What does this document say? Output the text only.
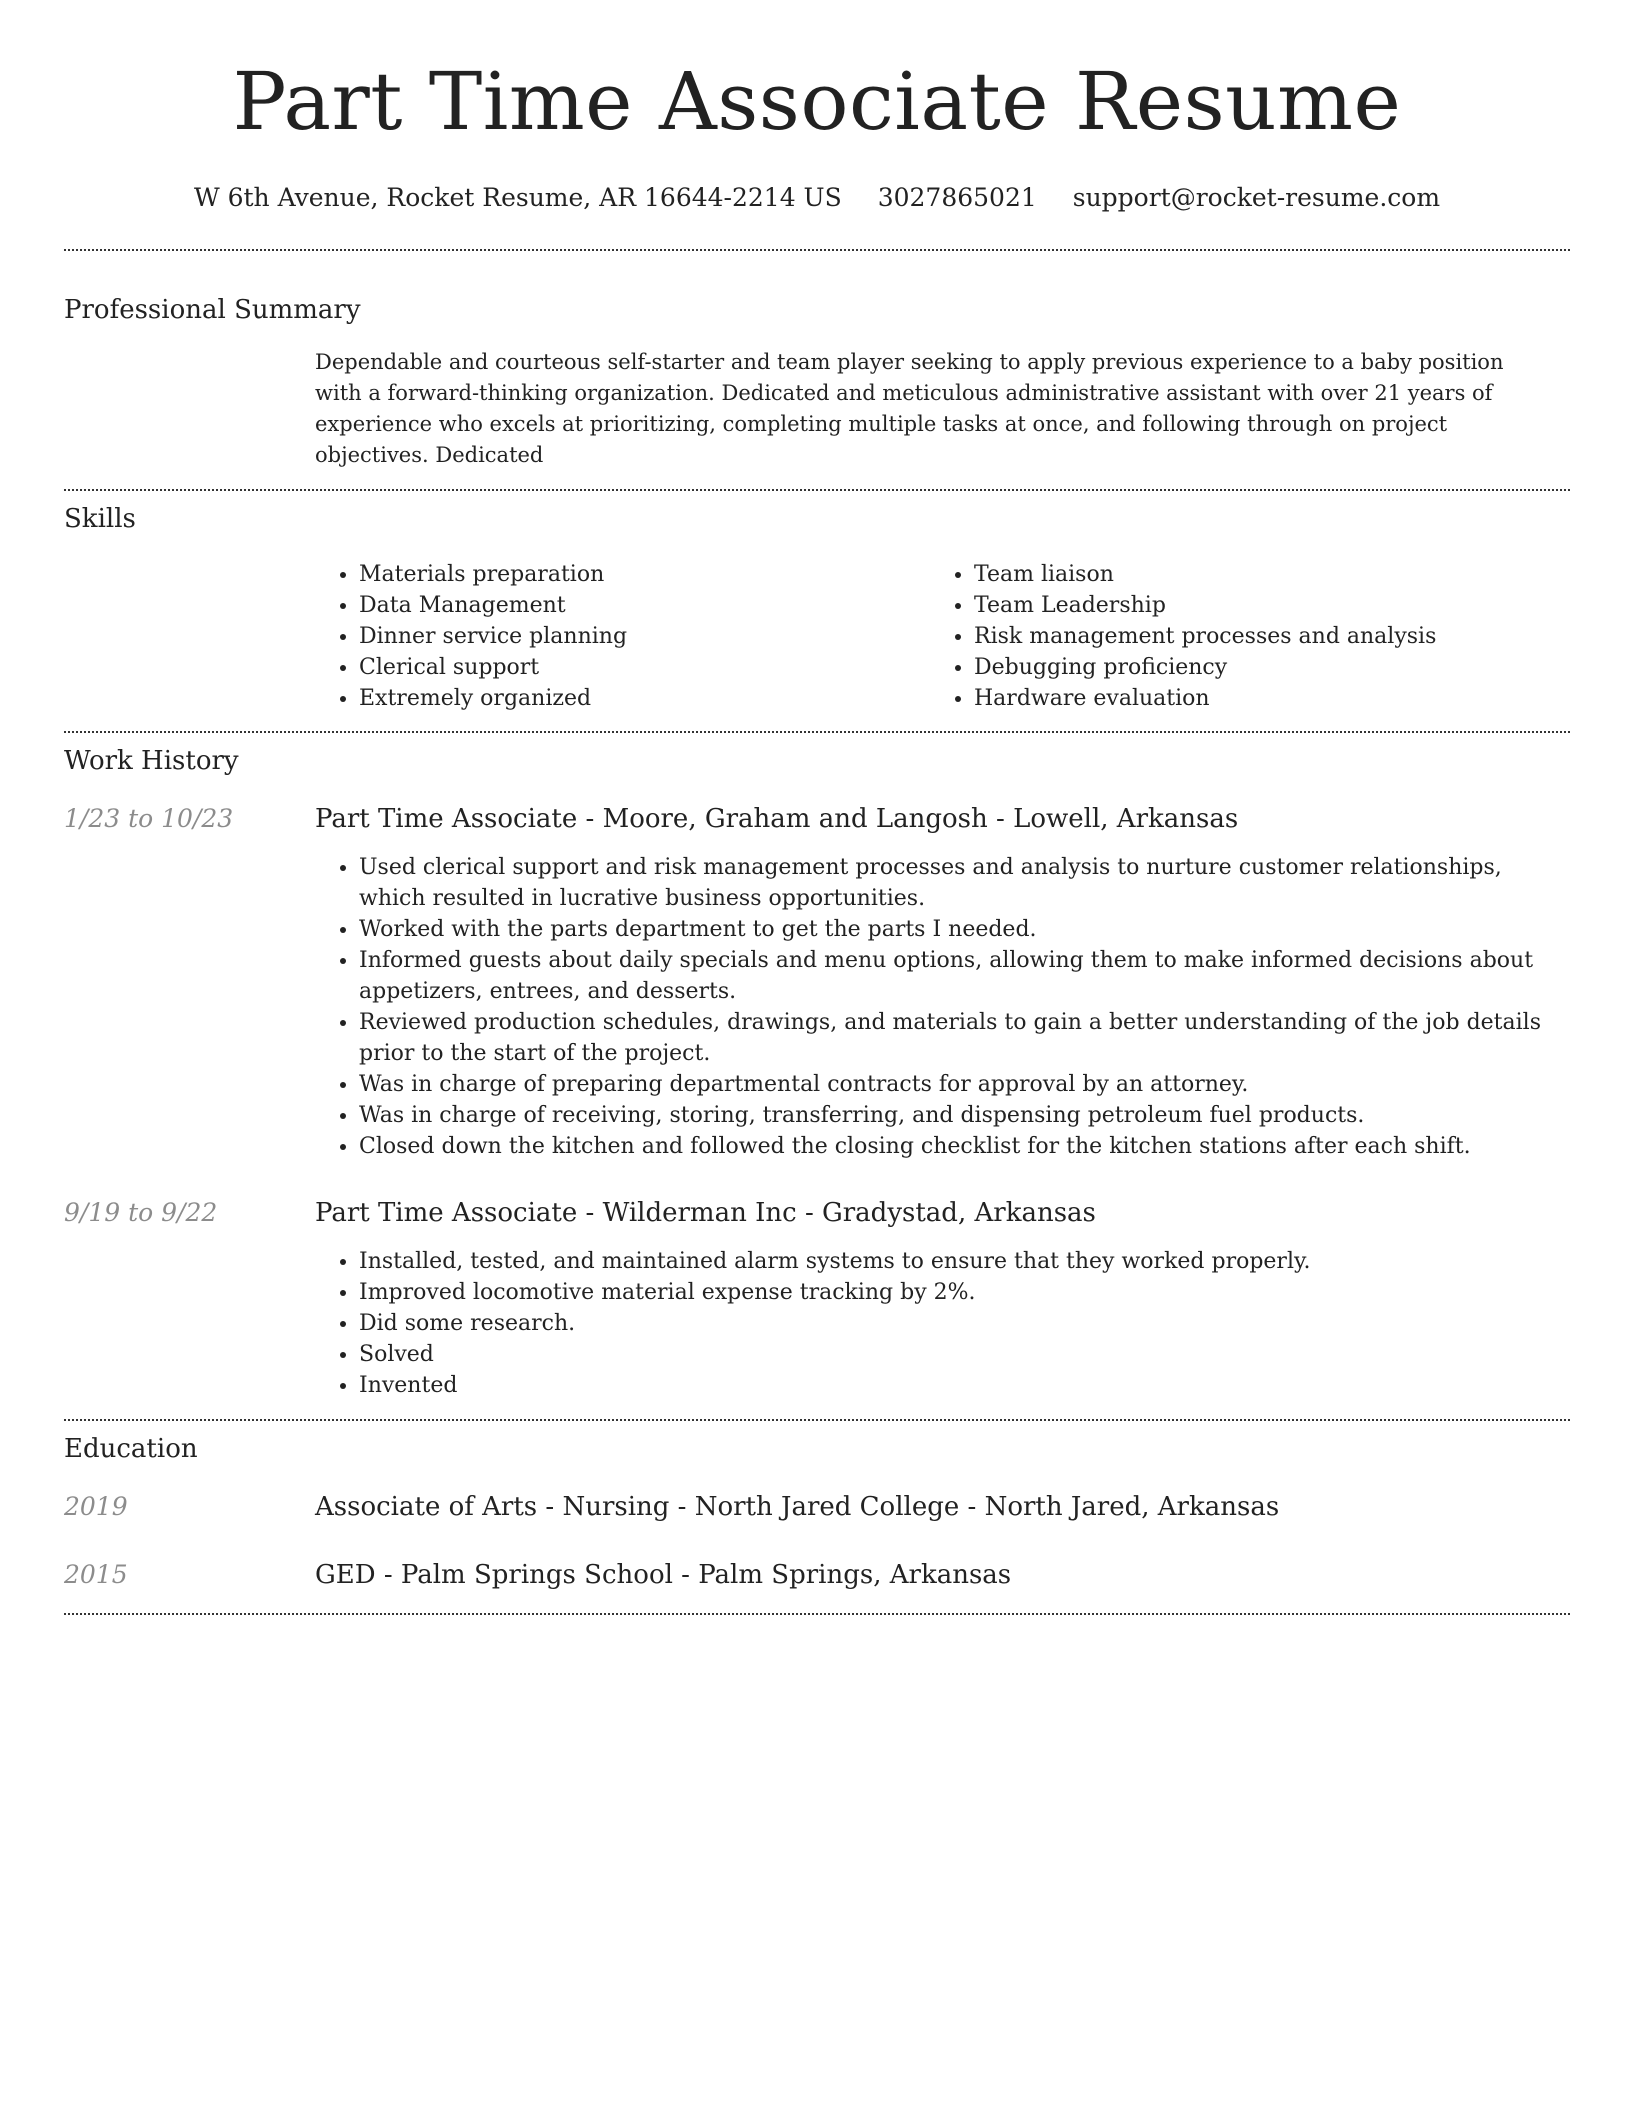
Part Time Associate Resume
W 6th Avenue, Rocket Resume, AR 16644-2214 US 3027865021 support@rocket-resume.com
Professional Summary

Dependable and courteous self-starter and team player seeking to apply previous experience to a baby position with a forward-thinking organization. Dedicated and meticulous administrative assistant with over 21 years of experience who excels at prioritizing, completing multiple tasks at once, and following through on project objectives. Dedicated

Skills
• Materials preparation
• Data Management
• Dinner service planning
• Clerical support
• Extremely organized
• Team liaison
• Team Leadership
• Risk management processes and analysis
• Debugging proficiency
• Hardware evaluation
Work History
1/23 to 10/23	Part Time Associate - Moore, Graham and Langosh - Lowell, Arkansas
• Used clerical support and risk management processes and analysis to nurture customer relationships, which resulted in lucrative business opportunities.
• Worked with the parts department to get the parts I needed.
• Informed guests about daily specials and menu options, allowing them to make informed decisions about appetizers, entrees, and desserts.
• Reviewed production schedules, drawings, and materials to gain a better understanding of the job details prior to the start of the project.
• Was in charge of preparing departmental contracts for approval by an attorney.
• Was in charge of receiving, storing, transferring, and dispensing petroleum fuel products.
• Closed down the kitchen and followed the closing checklist for the kitchen stations after each shift.
9/19 to 9/22	Part Time Associate - Wilderman Inc - Gradystad, Arkansas
• Installed, tested, and maintained alarm systems to ensure that they worked properly.
• Improved locomotive material expense tracking by 2%.
• Did some research.
• Solved
• Invented
Education
2019	Associate of Arts - Nursing - North Jared College - North Jared, Arkansas
2015	GED - Palm Springs School - Palm Springs, Arkansas
